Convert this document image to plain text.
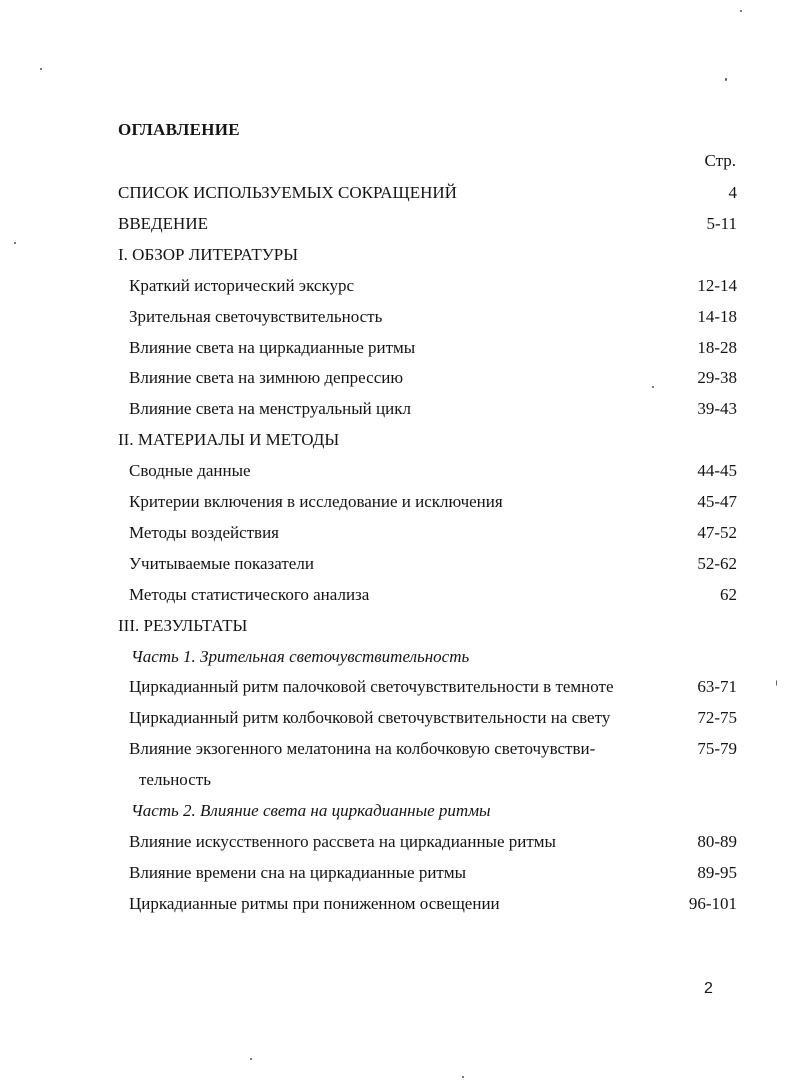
ОГЛАВЛЕНИЕ
Стр.
СПИСОК ИСПОЛЬЗУЕМЫХ СОКРАЩЕНИЙ	4
ВВЕДЕНИЕ	5-11
I. ОБЗОР ЛИТЕРАТУРЫ
Краткий исторический экскурс	12-14
Зрительная светочувствительность	14-18
Влияние света на циркадианные ритмы	18-28
Влияние света на зимнюю депрессию	29-38
Влияние света на менструальный цикл	39-43
II. МАТЕРИАЛЫ И МЕТОДЫ
Сводные данные	44-45
Критерии включения в исследование и исключения	45-47
Методы воздействия	47-52
Учитываемые показатели	52-62
Методы статистического анализа	62
III. РЕЗУЛЬТАТЫ
Часть 1. Зрительная светочувствительность
Циркадианный ритм палочковой светочувствительности в темноте	63-71
Циркадианный ритм колбочковой светочувствительности на свету	72-75
Влияние экзогенного мелатонина на колбочковую светочувстви-	75-79
тельность
Часть 2. Влияние света на циркадианные ритмы
Влияние искусственного рассвета на циркадианные ритмы	80-89
Влияние времени сна на циркадианные ритмы	89-95
Циркадианные ритмы при пониженном освещении	96-101
2
